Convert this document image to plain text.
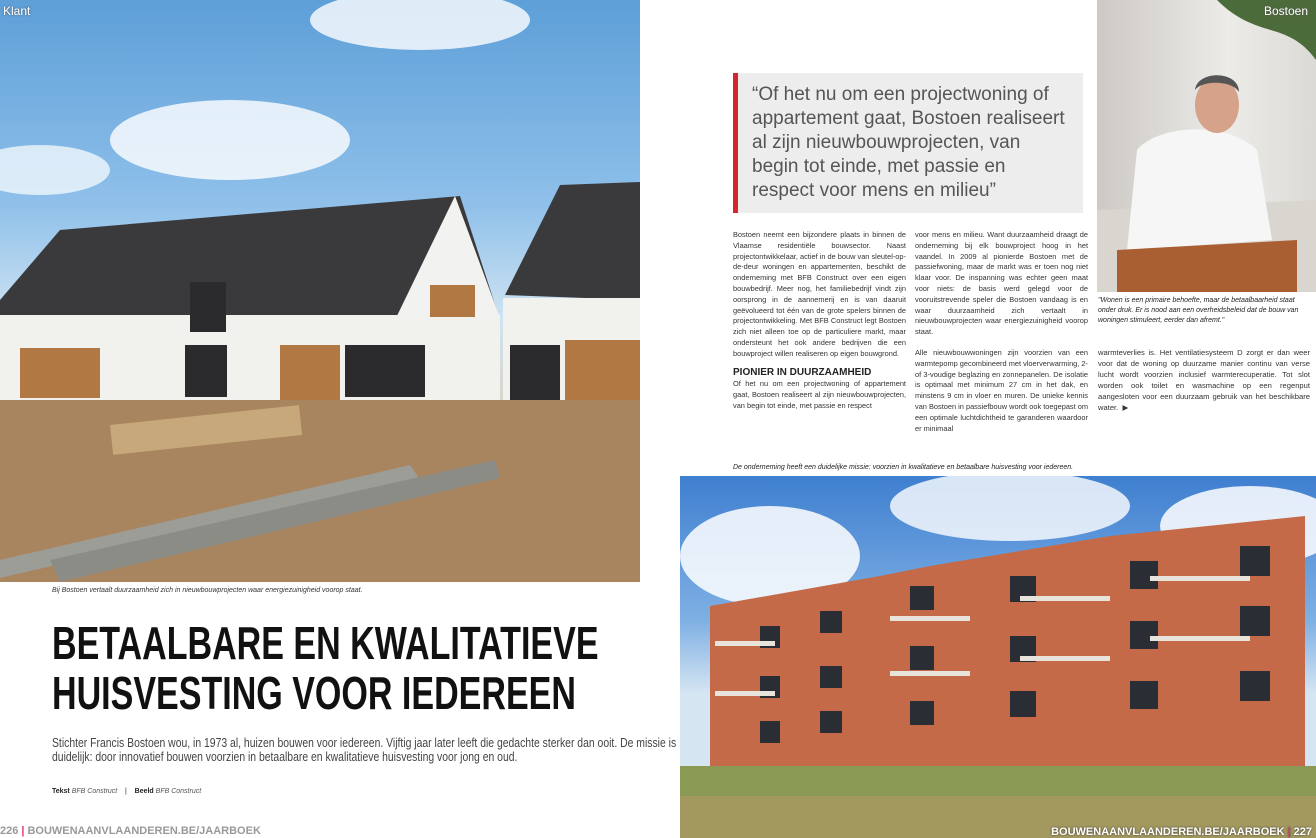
Klant
Bij Bostoen vertaalt duurzaamheid zich in nieuwbouwprojecten waar energiezuinigheid voorop staat.
BETAALBARE EN KWALITATIEVE
HUISVESTING VOOR IEDEREEN

Stichter Francis Bostoen wou, in 1973 al, huizen bouwen voor iedereen. Vijftig jaar later leeft die gedachte sterker dan ooit. De missie is duidelijk: door innovatief bouwen voorzien in betaalbare en kwalitatieve huisvesting voor jong en oud.

Tekst BFB Construct | Beeld BFB Construct
226 | BOUWENAANVLAANDEREN.BE/JAARBOEK
“Of het nu om een projectwoning of appartement gaat, Bostoen realiseert al zijn nieuwbouwprojecten, van begin tot einde, met passie en respect voor mens en milieu”
Bostoen
"Wonen is een primaire behoefte, maar de betaalbaarheid staat onder druk. Er is nood aan een overheidsbeleid dat de bouw van woningen stimuleert, eerder dan afremt."

Bostoen neemt een bijzondere plaats in binnen de Vlaamse residentiële bouwsector. Naast projectontwikkelaar, actief in de bouw van sleutel-op-de-deur woningen en appartementen, beschikt de onderneming met BFB Construct over een eigen bouwbedrijf. Meer nog, het familiebedrijf vindt zijn oorsprong in de aannemerij en is van daaruit geëvolueerd tot één van de grote spelers binnen de projectontwikkeling. Met BFB Construct legt Bostoen zich niet alleen toe op de particuliere markt, maar ondersteunt het ook andere bedrijven die een bouwproject willen realiseren op eigen bouwgrond.

PIONIER IN DUURZAAMHEID

Of het nu om een projectwoning of appartement gaat, Bostoen realiseert al zijn nieuwbouwprojecten, van begin tot einde, met passie en respect

voor mens en milieu. Want duurzaamheid draagt de onderneming bij elk bouwproject hoog in het vaandel. In 2009 al pionierde Bostoen met de passiefwoning, maar de markt was er toen nog niet klaar voor. De inspanning was echter geen maat voor niets: de basis werd gelegd voor de vooruitstrevende speler die Bostoen vandaag is en waar duurzaamheid zich vertaalt in nieuwbouwprojecten waar energiezuinigheid voorop staat.

Alle nieuwbouwwoningen zijn voorzien van een warmtepomp gecombineerd met vloerverwarming, 2- of 3-voudige beglazing en zonnepanelen. De isolatie is optimaal met minimum 27 cm in het dak, en minstens 9 cm in vloer en muren. De unieke kennis van Bostoen in passiefbouw wordt ook toegepast om een optimale luchtdichtheid te garanderen waardoor er minimaal

warmteverlies is. Het ventilatiesysteem D zorgt er dan weer voor dat de woning op duurzame manier continu van verse lucht wordt voorzien inclusief warmterecuperatie. Tot slot worden ook toilet en wasmachine op een regenput aangesloten voor een duurzaam gebruik van het beschikbare water. ▶

De onderneming heeft een duidelijke missie: voorzien in kwalitatieve en betaalbare huisvesting voor iedereen.
BOUWENAANVLAANDEREN.BE/JAARBOEK | 227
